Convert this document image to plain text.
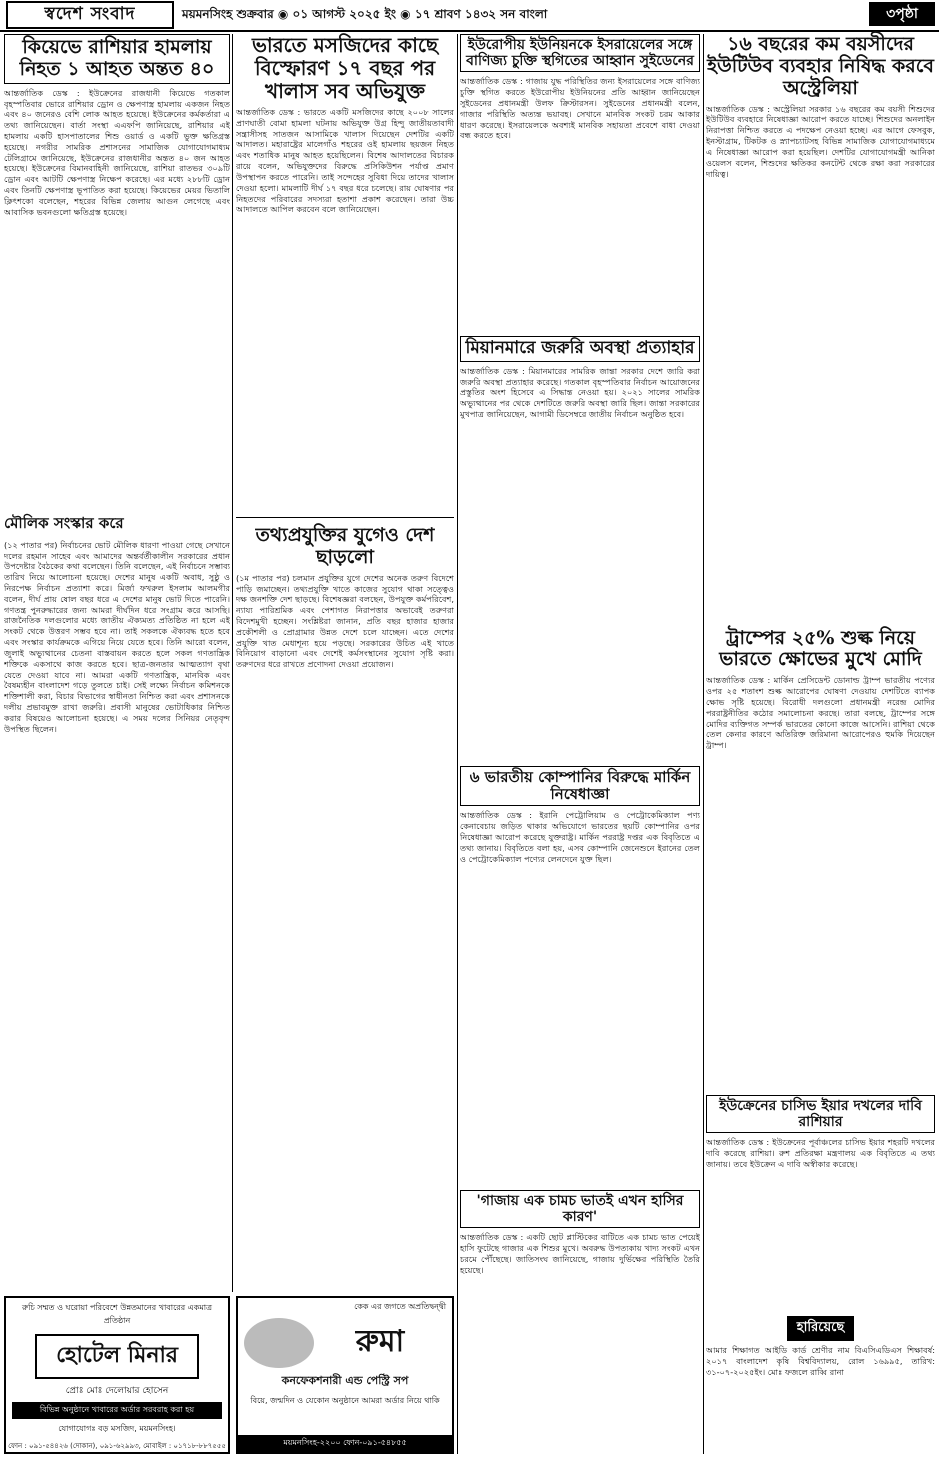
স্বদেশ সংবাদ	ময়মনসিংহ শুক্রবার ◉ ০১ আগস্ট ২০২৫ ইং ◉ ১৭ শ্রাবণ ১৪৩২ সন বাংলা	৩পৃষ্ঠা
কিয়েভে রাশিয়ার হামলায় নিহত ১ আহত অন্তত ৪০

আন্তর্জাতিক ডেস্ক : ইউক্রেনের রাজধানী কিয়েভে গতকাল বৃহস্পতিবার ভোরে রাশিয়ার ড্রোন ও ক্ষেপণাস্ত্র হামলায় একজন নিহত এবং ৪০ জনেরও বেশি লোক আহত হয়েছে। ইউক্রেনের কর্মকর্তারা এ তথ্য জানিয়েছেন। বার্তা সংস্থা এএফপি জানিয়েছে, রাশিয়ার এই হামলায় একটি হাসপাতালের শিশু ওয়ার্ড ও একটি ভুক্ত ক্ষতিগ্রস্ত হয়েছে। নগরীর সামরিক প্রশাসনের সামাজিক যোগাযোগমাধ্যম টেলিগ্রামে জানিয়েছে, ইউক্রেনের রাজধানীর অন্তত ৪০ জন আহত হয়েছে। ইউক্রেনের বিমানবাহিনী জানিয়েছে, রাশিয়া রাতভর ৩০৯টি ড্রোন এবং আটটি ক্ষেপণাস্ত্র নিক্ষেপ করেছে। এর মধ্যে ২৮৮টি ড্রোন এবং তিনটি ক্ষেপণাস্ত্র ভূপাতিত করা হয়েছে। কিয়েভের মেয়র ভিতালি ক্লিৎশকো বলেছেন, শহরের বিভিন্ন জেলায় আগুন লেগেছে এবং আবাসিক ভবনগুলো ক্ষতিগ্রস্ত হয়েছে।

মৌলিক সংস্কার করে

(১২ পাতার পর) নির্বাচনের ভোট মৌলিক ধারণা পাওয়া গেছে সেখানে দলের রহমান সাহেব এবং আমাদের অন্তর্বর্তীকালীন সরকারের প্রধান উপদেষ্টার বৈঠকের কথা বলেছেন। তিনি বলেছেন, এই নির্বাচনে সম্ভাব্য তারিখ নিয়ে আলোচনা হয়েছে। দেশের মানুষ একটি অবাধ, সুষ্ঠু ও নিরপেক্ষ নির্বাচন প্রত্যাশা করে। মির্জা ফখরুল ইসলাম আলমগীর বলেন, দীর্ঘ প্রায় ষোল বছর ধরে এ দেশের মানুষ ভোট দিতে পারেনি। গণতন্ত্র পুনরুদ্ধারের জন্য আমরা দীর্ঘদিন ধরে সংগ্রাম করে আসছি। রাজনৈতিক দলগুলোর মধ্যে জাতীয় ঐক্যমত্য প্রতিষ্ঠিত না হলে এই সংকট থেকে উত্তরণ সম্ভব হবে না। তাই সকলকে ঐক্যবদ্ধ হতে হবে এবং সংস্কার কার্যক্রমকে এগিয়ে নিয়ে যেতে হবে। তিনি আরো বলেন, জুলাই অভ্যুত্থানের চেতনা বাস্তবায়ন করতে হলে সকল গণতান্ত্রিক শক্তিকে একসাথে কাজ করতে হবে। ছাত্র-জনতার আত্মত্যাগ বৃথা যেতে দেওয়া যাবে না। আমরা একটি গণতান্ত্রিক, মানবিক এবং বৈষম্যহীন বাংলাদেশ গড়ে তুলতে চাই। সেই লক্ষ্যে নির্বাচন কমিশনকে শক্তিশালী করা, বিচার বিভাগের স্বাধীনতা নিশ্চিত করা এবং প্রশাসনকে দলীয় প্রভাবমুক্ত রাখা জরুরি। প্রবাসী মানুষের ভোটাধিকার নিশ্চিত করার বিষয়েও আলোচনা হয়েছে। এ সময় দলের সিনিয়র নেতৃবৃন্দ উপস্থিত ছিলেন।

ভারতে মসজিদের কাছে বিস্ফোরণ ১৭ বছর পর খালাস সব অভিযুক্ত

আন্তর্জাতিক ডেস্ক : ভারতে একটি মসজিদের কাছে ২০০৮ সালের প্রাণঘাতী বোমা হামলা ঘটনায় অভিযুক্ত উগ্র হিন্দু জাতীয়তাবাদী সন্ত্রাসীসহ সাতজন আসামিকে খালাস দিয়েছেন দেশটির একটি আদালত। মহারাষ্ট্রের মালেগাঁও শহরের ওই হামলায় ছয়জন নিহত এবং শতাধিক মানুষ আহত হয়েছিলেন। বিশেষ আদালতের বিচারক রায়ে বলেন, অভিযুক্তদের বিরুদ্ধে প্রসিকিউশন পর্যাপ্ত প্রমাণ উপস্থাপন করতে পারেনি। তাই সন্দেহের সুবিধা দিয়ে তাদের খালাস দেওয়া হলো। মামলাটি দীর্ঘ ১৭ বছর ধরে চলেছে। রায় ঘোষণার পর নিহতদের পরিবারের সদস্যরা হতাশা প্রকাশ করেছেন। তারা উচ্চ আদালতে আপিল করবেন বলে জানিয়েছেন।

তথ্যপ্রযুক্তির যুগেও দেশ ছাড়লো

(১ম পাতার পর) চলমান প্রযুক্তির যুগে দেশের অনেক তরুণ বিদেশে পাড়ি জমাচ্ছেন। তথ্যপ্রযুক্তি খাতে কাজের সুযোগ থাকা সত্ত্বেও দক্ষ জনশক্তি দেশ ছাড়ছে। বিশেষজ্ঞরা বলছেন, উপযুক্ত কর্মপরিবেশ, ন্যায্য পারিশ্রমিক এবং পেশাগত নিরাপত্তার অভাবেই তরুণরা বিদেশমুখী হচ্ছেন। সংশ্লিষ্টরা জানান, প্রতি বছর হাজার হাজার প্রকৌশলী ও প্রোগ্রামার উন্নত দেশে চলে যাচ্ছেন। এতে দেশের প্রযুক্তি খাত মেধাশূন্য হয়ে পড়ছে। সরকারের উচিত এই খাতে বিনিয়োগ বাড়ানো এবং দেশেই কর্মসংস্থানের সুযোগ সৃষ্টি করা। তরুণদের ধরে রাখতে প্রণোদনা দেওয়া প্রয়োজন।

ইউরোপীয় ইউনিয়নকে ইসরায়েলের সঙ্গে বাণিজ্য চুক্তি স্থগিতের আহ্বান সুইডেনের

আন্তর্জাতিক ডেস্ক : গাজায় যুদ্ধ পরিস্থিতির জন্য ইসরায়েলের সঙ্গে বাণিজ্য চুক্তি স্থগিত করতে ইউরোপীয় ইউনিয়নের প্রতি আহ্বান জানিয়েছেন সুইডেনের প্রধানমন্ত্রী উলফ ক্রিস্টারসন। সুইডেনের প্রধানমন্ত্রী বলেন, গাজার পরিস্থিতি অত্যন্ত ভয়াবহ। সেখানে মানবিক সংকট চরম আকার ধারণ করেছে। ইসরায়েলকে অবশ্যই মানবিক সহায়তা প্রবেশে বাধা দেওয়া বন্ধ করতে হবে।

মিয়ানমারে জরুরি অবস্থা প্রত্যাহার

আন্তর্জাতিক ডেস্ক : মিয়ানমারের সামরিক জান্তা সরকার দেশে জারি করা জরুরি অবস্থা প্রত্যাহার করেছে। গতকাল বৃহস্পতিবার নির্বাচন আয়োজনের প্রস্তুতির অংশ হিসেবে এ সিদ্ধান্ত নেওয়া হয়। ২০২১ সালের সামরিক অভ্যুত্থানের পর থেকে দেশটিতে জরুরি অবস্থা জারি ছিল। জান্তা সরকারের মুখপাত্র জানিয়েছেন, আগামী ডিসেম্বরে জাতীয় নির্বাচন অনুষ্ঠিত হবে।

৬ ভারতীয় কোম্পানির বিরুদ্ধে মার্কিন নিষেধাজ্ঞা

আন্তর্জাতিক ডেস্ক : ইরানি পেট্রোলিয়াম ও পেট্রোকেমিক্যাল পণ্য কেনাবেচায় জড়িত থাকার অভিযোগে ভারতের ছয়টি কোম্পানির ওপর নিষেধাজ্ঞা আরোপ করেছে যুক্তরাষ্ট্র। মার্কিন পররাষ্ট্র দপ্তর এক বিবৃতিতে এ তথ্য জানায়। বিবৃতিতে বলা হয়, এসব কোম্পানি জেনেশুনে ইরানের তেল ও পেট্রোকেমিক্যাল পণ্যের লেনদেনে যুক্ত ছিল।

'গাজায় এক চামচ ভাতই এখন হাসির কারণ'

আন্তর্জাতিক ডেস্ক : একটি ছোট প্লাস্টিকের বাটিতে এক চামচ ভাত পেয়েই হাসি ফুটেছে গাজার এক শিশুর মুখে। অবরুদ্ধ উপত্যকায় খাদ্য সংকট এখন চরমে পৌঁছেছে। জাতিসংঘ জানিয়েছে, গাজায় দুর্ভিক্ষের পরিস্থিতি তৈরি হয়েছে।

১৬ বছরের কম বয়সীদের ইউটিউব ব্যবহার নিষিদ্ধ করবে অস্ট্রেলিয়া

আন্তর্জাতিক ডেস্ক : অস্ট্রেলিয়া সরকার ১৬ বছরের কম বয়সী শিশুদের ইউটিউব ব্যবহারে নিষেধাজ্ঞা আরোপ করতে যাচ্ছে। শিশুদের অনলাইন নিরাপত্তা নিশ্চিত করতে এ পদক্ষেপ নেওয়া হচ্ছে। এর আগে ফেসবুক, ইনস্টাগ্রাম, টিকটক ও স্ন্যাপচ্যাটসহ বিভিন্ন সামাজিক যোগাযোগমাধ্যমে এ নিষেধাজ্ঞা আরোপ করা হয়েছিল। দেশটির যোগাযোগমন্ত্রী আনিকা ওয়েলস বলেন, শিশুদের ক্ষতিকর কনটেন্ট থেকে রক্ষা করা সরকারের দায়িত্ব।

ট্রাম্পের ২৫% শুল্ক নিয়ে ভারতে ক্ষোভের মুখে মোদি

আন্তর্জাতিক ডেস্ক : মার্কিন প্রেসিডেন্ট ডোনাল্ড ট্রাম্প ভারতীয় পণ্যের ওপর ২৫ শতাংশ শুল্ক আরোপের ঘোষণা দেওয়ায় দেশটিতে ব্যাপক ক্ষোভ সৃষ্টি হয়েছে। বিরোধী দলগুলো প্রধানমন্ত্রী নরেন্দ্র মোদির পররাষ্ট্রনীতির কঠোর সমালোচনা করছে। তারা বলছে, ট্রাম্পের সঙ্গে মোদির ব্যক্তিগত সম্পর্ক ভারতের কোনো কাজে আসেনি। রাশিয়া থেকে তেল কেনার কারণে অতিরিক্ত জরিমানা আরোপেরও হুমকি দিয়েছেন ট্রাম্প।

ইউক্রেনের চাসিভ ইয়ার দখলের দাবি রাশিয়ার

আন্তর্জাতিক ডেস্ক : ইউক্রেনের পূর্বাঞ্চলের চাসিভ ইয়ার শহরটি দখলের দাবি করেছে রাশিয়া। রুশ প্রতিরক্ষা মন্ত্রণালয় এক বিবৃতিতে এ তথ্য জানায়। তবে ইউক্রেন এ দাবি অস্বীকার করেছে।

হারিয়েছে

আমার শিক্ষাগত আইডি কার্ড শ্রেণীর নাম বিএসিএডিএস শিক্ষাবর্ষ: ২০১৭ বাংলাদেশ কৃষি বিশ্ববিদ্যালয়, রোল ১৬৯৯৫, তারিখ: ৩১-০৭-২০২৫ইং। মোঃ ফজলে রাব্বি রানা

রুচি সম্মত ও ঘরোয়া পরিবেশে উন্নতমানের খাবারের একমাত্র প্রতিষ্ঠান
হোটেল মিনার
প্রোঃ মোঃ দেলোয়ার হোসেন
বিভিন্ন অনুষ্ঠানে খাবারের অর্ডার সরবরাহ করা হয়
যোগাযোগঃ বড় মসজিদ, ময়মনসিংহ।
ফোন : ০৯১-৫৪৪২৬ (দোকান), ০৯১-৬২৯৯৩, মোবাইল : ০১৭১৮-৮৮৭৫৫৫
কেক এর জগতে অপ্রতিদ্বন্দ্বী
রুমা
কনফেকশনারী এন্ড পেস্ট্রি সপ
বিয়ে, জন্মদিন ও যেকোন অনুষ্ঠানে আমরা অর্ডার নিয়ে থাকি
ময়মনসিংহ-২২০০ ফোন-০৯১-৫৪৮৫৫
